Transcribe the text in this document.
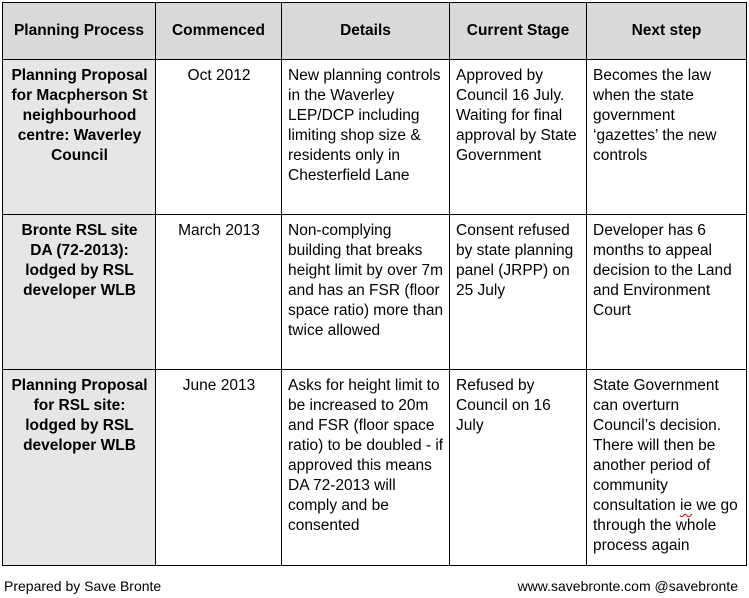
Planning Process	Commenced	Details	Current Stage	Next step
Planning Proposal for Macpherson St neighbourhood centre: Waverley Council	Oct 2012	New planning controls in the Waverley LEP/DCP including limiting shop size & residents only in Chesterfield Lane	Approved by Council 16 July. Waiting for final approval by State Government	Becomes the law when the state government ‘gazettes’ the new controls
Bronte RSL site DA (72-2013): lodged by RSL developer WLB	March 2013	Non-complying building that breaks height limit by over 7m and has an FSR (floor space ratio) more than twice allowed	Consent refused by state planning panel (JRPP) on 25 July	Developer has 6 months to appeal decision to the Land and Environment Court
Planning Proposal for RSL site: lodged by RSL developer WLB	June 2013	Asks for height limit to be increased to 20m and FSR (floor space ratio) to be doubled - if approved this means DA 72-2013 will comply and be consented	Refused by Council on 16 July	State Government can overturn Council’s decision. There will then be another period of community consultation ie we go through the whole process again
Prepared by Save Bronte	www.savebronte.com @savebronte
